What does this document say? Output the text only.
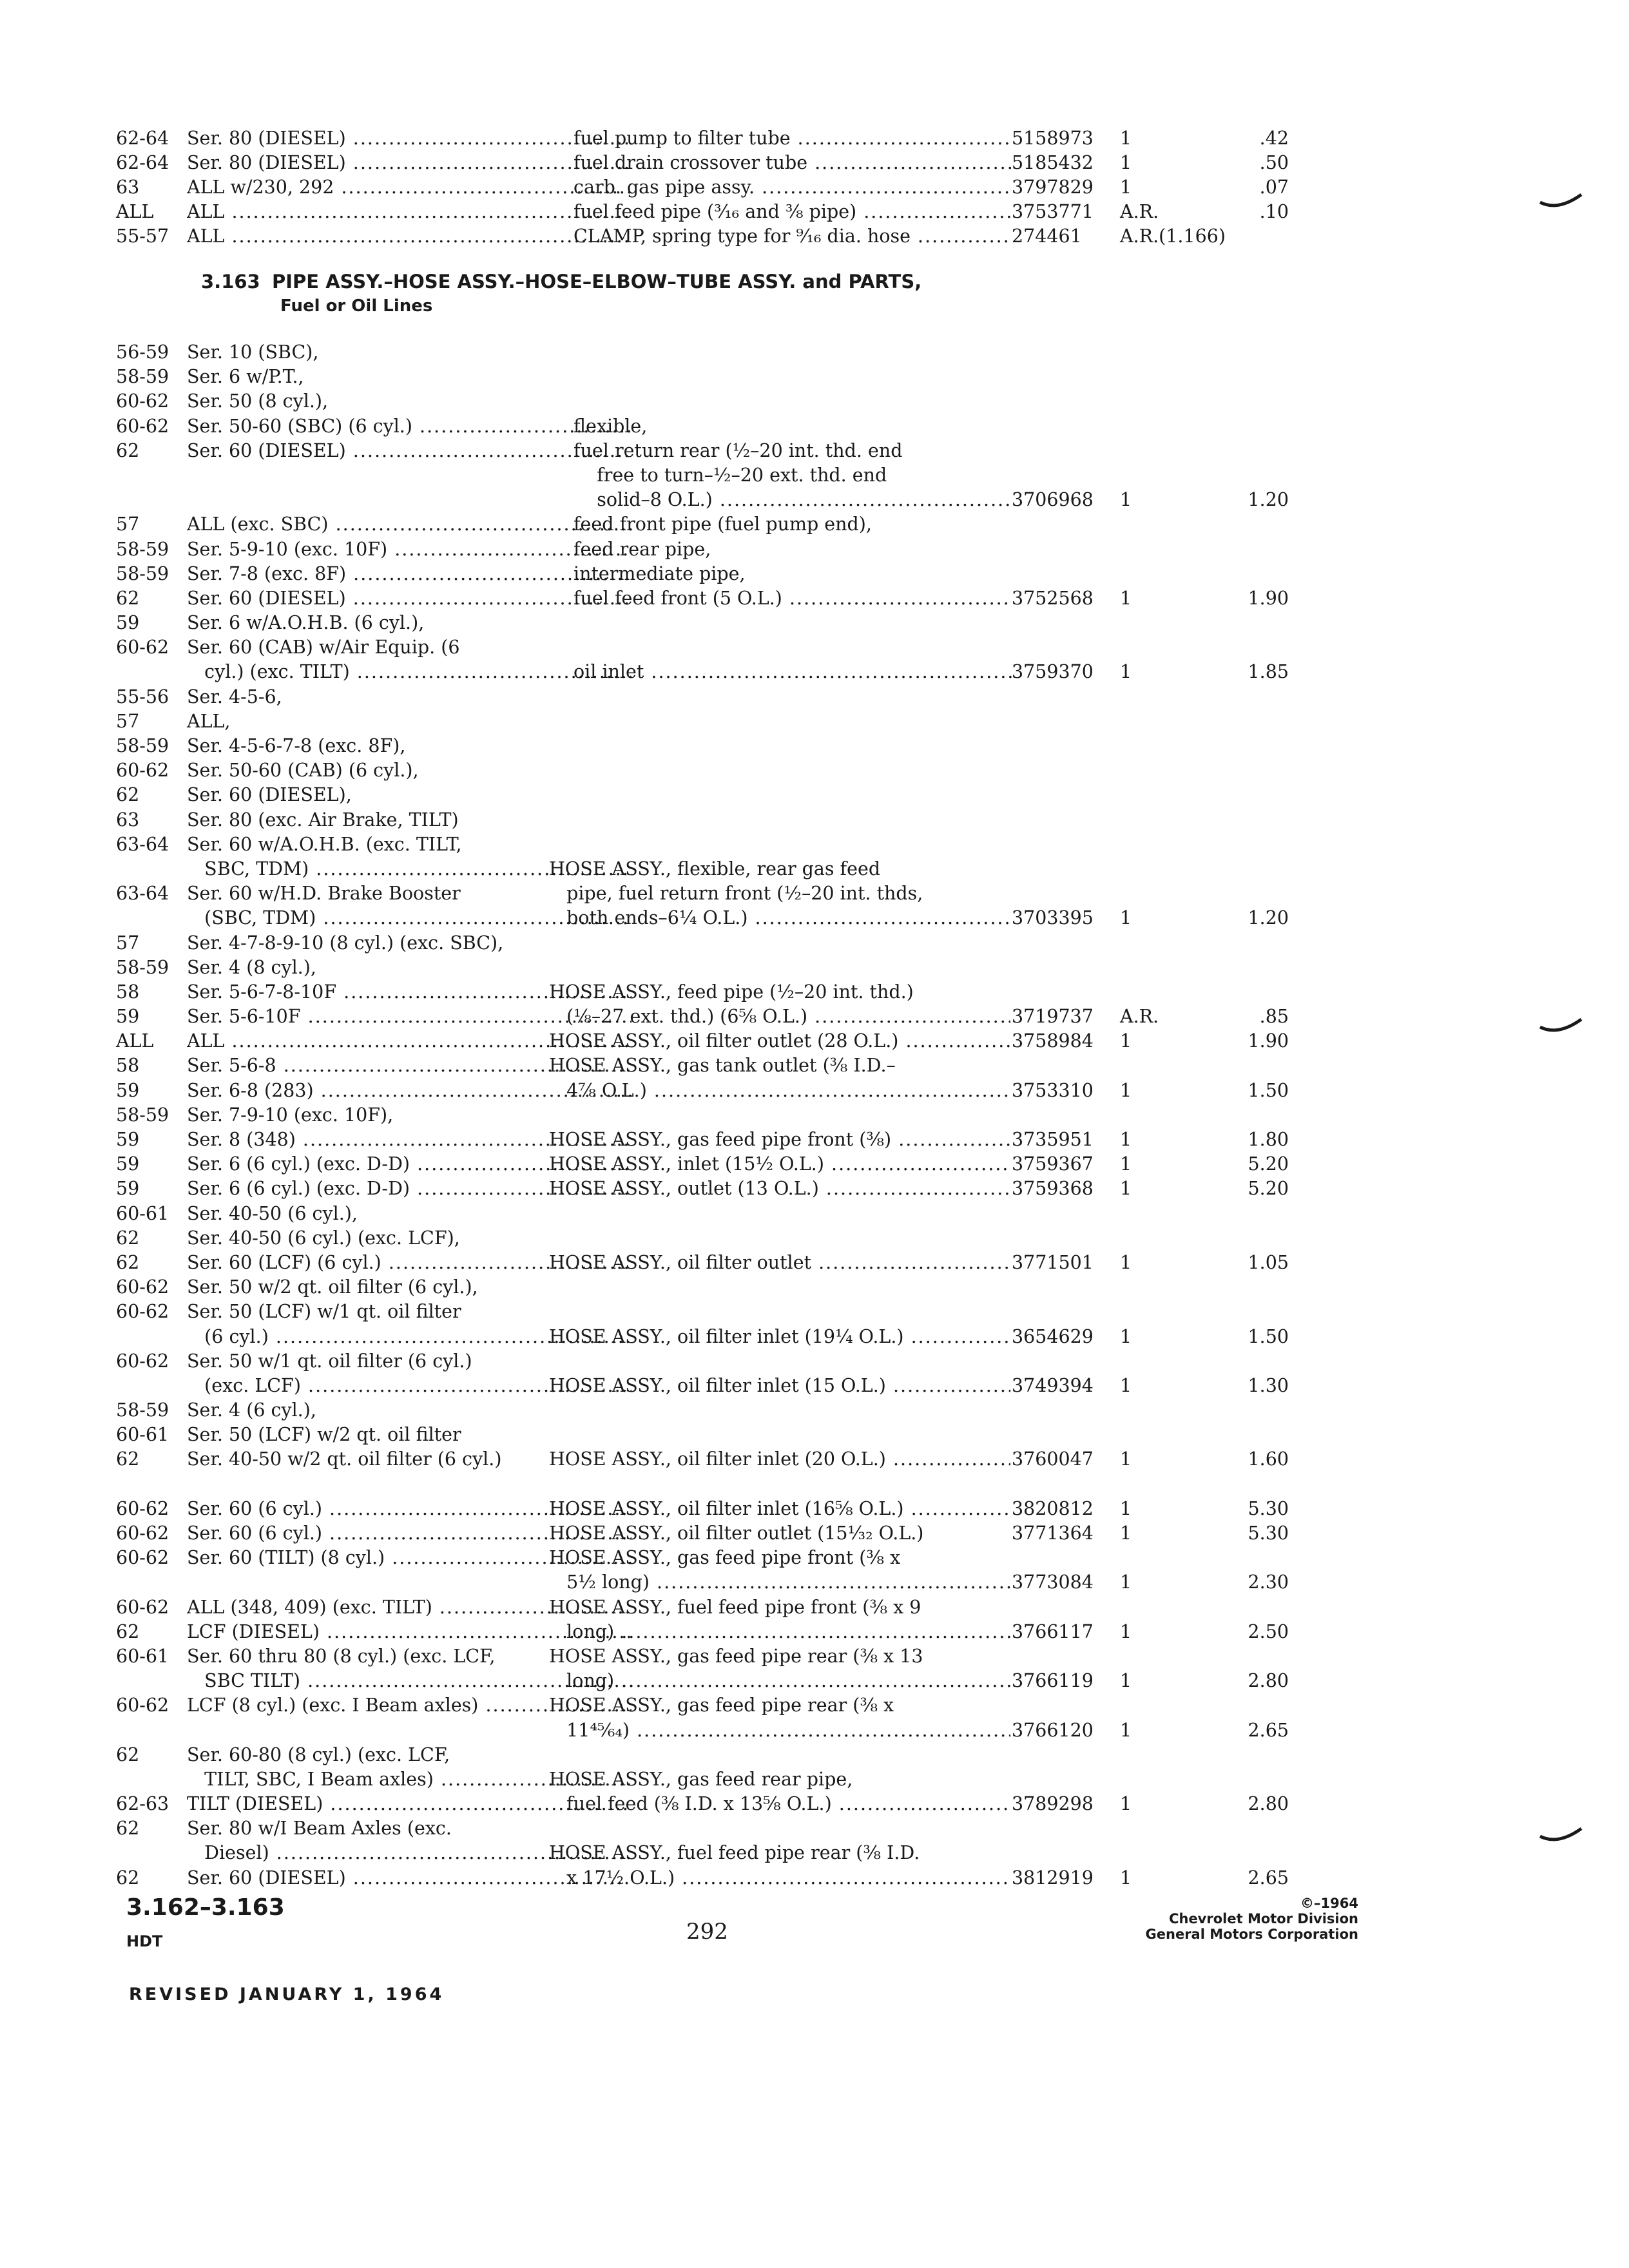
62-64 Ser. 80 (DIESEL) .....	fuel pump to filter tube .....	5158973	1	.42
62-64 Ser. 80 (DIESEL) .....	fuel drain crossover tube .....	5185432	1	.50
63	ALL w/230, 292 .....	carb. gas pipe assy. .....	3797829	1	.07
ALL	ALL .....	fuel feed pipe (³⁄₁₆ and ³⁄₈ pipe) .....	3753771	A.R.	.10
55-57 ALL .....	CLAMP, spring type for ⁹⁄₁₆ dia. hose .....	274461	A.R.(1.166)
3.163 PIPE ASSY.–HOSE ASSY.–HOSE–ELBOW–TUBE ASSY. and PARTS,
Fuel or Oil Lines
56-59 Ser. 10 (SBC),
58-59 Ser. 6 w/P.T.,
60-62 Ser. 50 (8 cyl.),
60-62 Ser. 50-60 (SBC) (6 cyl.) .....	flexible,
62	Ser. 60 (DIESEL) .....	fuel return rear (½–20 int. thd. end
free to turn–½–20 ext. thd. end
solid–8 O.L.) .....	3706968	1	1.20
57	ALL (exc. SBC) .....	feed front pipe (fuel pump end),
58-59 Ser. 5-9-10 (exc. 10F) .....	feed rear pipe,
58-59 Ser. 7-8 (exc. 8F) .....	intermediate pipe,
62	Ser. 60 (DIESEL) .....	fuel feed front (5 O.L.) .....	3752568	1	1.90
59	Ser. 6 w/A.O.H.B. (6 cyl.),
60-62 Ser. 60 (CAB) w/Air Equip. (6
cyl.) (exc. TILT) .....	oil inlet .....	3759370	1	1.85
55-56 Ser. 4-5-6,
57	ALL,
58-59 Ser. 4-5-6-7-8 (exc. 8F),
60-62 Ser. 50-60 (CAB) (6 cyl.),
62	Ser. 60 (DIESEL),
63	Ser. 80 (exc. Air Brake, TILT)
63-64 Ser. 60 w/A.O.H.B. (exc. TILT,
SBC, TDM) .....	HOSE ASSY., flexible, rear gas feed
63-64 Ser. 60 w/H.D. Brake Booster	pipe, fuel return front (½–20 int. thds,
(SBC, TDM) .....	both ends–6¼ O.L.) .....	3703395	1	1.20
57	Ser. 4-7-8-9-10 (8 cyl.) (exc. SBC),
58-59 Ser. 4 (8 cyl.),
58	Ser. 5-6-7-8-10F .....	HOSE ASSY., feed pipe (½–20 int. thd.)
59	Ser. 5-6-10F .....	(⅛–27 ext. thd.) (6⅝ O.L.) .....	3719737	A.R.	.85
ALL	ALL .....	HOSE ASSY., oil filter outlet (28 O.L.) .....	3758984	1	1.90
58	Ser. 5-6-8 .....	HOSE ASSY., gas tank outlet (⅜ I.D.–
59	Ser. 6-8 (283) .....	4⅞ O.L.) .....	3753310	1	1.50
58-59 Ser. 7-9-10 (exc. 10F),
59	Ser. 8 (348) .....	HOSE ASSY., gas feed pipe front (⅜) .....	3735951	1	1.80
59	Ser. 6 (6 cyl.) (exc. D-D) .....	HOSE ASSY., inlet (15½ O.L.) .....	3759367	1	5.20
59	Ser. 6 (6 cyl.) (exc. D-D) .....	HOSE ASSY., outlet (13 O.L.) .....	3759368	1	5.20
60-61 Ser. 40-50 (6 cyl.),
62	Ser. 40-50 (6 cyl.) (exc. LCF),
62	Ser. 60 (LCF) (6 cyl.) .....	HOSE ASSY., oil filter outlet .....	3771501	1	1.05
60-62 Ser. 50 w/2 qt. oil filter (6 cyl.),
60-62 Ser. 50 (LCF) w/1 qt. oil filter
(6 cyl.) .....	HOSE ASSY., oil filter inlet (19¼ O.L.) .....	3654629	1	1.50
60-62 Ser. 50 w/1 qt. oil filter (6 cyl.)
(exc. LCF) .....	HOSE ASSY., oil filter inlet (15 O.L.) .....	3749394	1	1.30
58-59 Ser. 4 (6 cyl.),
60-61 Ser. 50 (LCF) w/2 qt. oil filter
62	Ser. 40-50 w/2 qt. oil filter (6 cyl.)	HOSE ASSY., oil filter inlet (20 O.L.) .....	3760047	1	1.60
60-62 Ser. 60 (6 cyl.) .....	HOSE ASSY., oil filter inlet (16⅝ O.L.) .....	3820812	1	5.30
60-62 Ser. 60 (6 cyl.) .....	HOSE ASSY., oil filter outlet (15⅟₃₂ O.L.)	3771364	1	5.30
60-62 Ser. 60 (TILT) (8 cyl.) .....	HOSE ASSY., gas feed pipe front (⅜ x
5½ long) .....	3773084	1	2.30
60-62 ALL (348, 409) (exc. TILT) .....	HOSE ASSY., fuel feed pipe front (⅜ x 9
62	LCF (DIESEL) .....	long) .....	3766117	1	2.50
60-61 Ser. 60 thru 80 (8 cyl.) (exc. LCF,	HOSE ASSY., gas feed pipe rear (⅜ x 13
SBC TILT) .....	long) .....	3766119	1	2.80
60-62 LCF (8 cyl.) (exc. I Beam axles) .....	HOSE ASSY., gas feed pipe rear (⅜ x
11⁴⁵⁄₆₄) .....	3766120	1	2.65
62	Ser. 60-80 (8 cyl.) (exc. LCF,
TILT, SBC, I Beam axles) .....	HOSE ASSY., gas feed rear pipe,
62-63 TILT (DIESEL) .....	fuel feed (⅜ I.D. x 13⅝ O.L.) .....	3789298	1	2.80
62	Ser. 80 w/I Beam Axles (exc.
Diesel) .....	HOSE ASSY., fuel feed pipe rear (⅜ I.D.
62	Ser. 60 (DIESEL) .....	x 17½ O.L.) .....	3812919	1	2.65
3.162–3.163
HDT	292
©–1964
Chevrolet Motor Division
General Motors Corporation
REVISED JANUARY 1, 1964
